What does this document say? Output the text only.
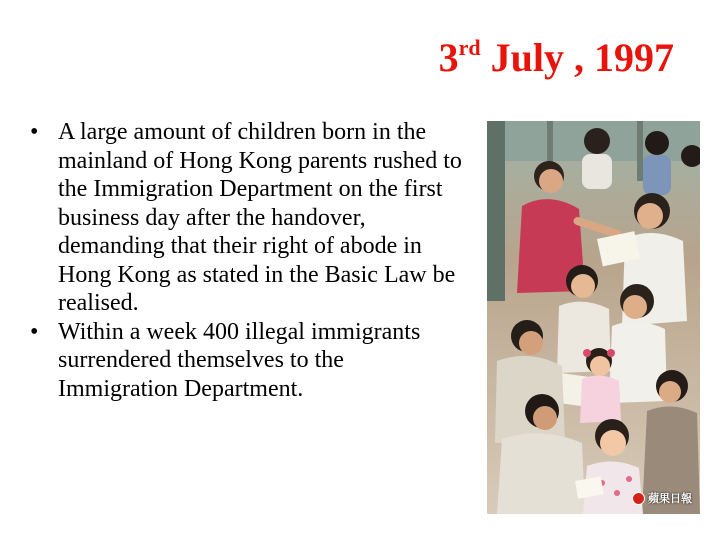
3rd July , 1997
• A large amount of children born in the mainland of Hong Kong parents rushed to the Immigration Department on the first business day after the handover, demanding that their right of abode in Hong Kong as stated in the Basic Law be realised.
• Within a week 400 illegal immigrants surrendered themselves to the Immigration Department.
蘋果日報
